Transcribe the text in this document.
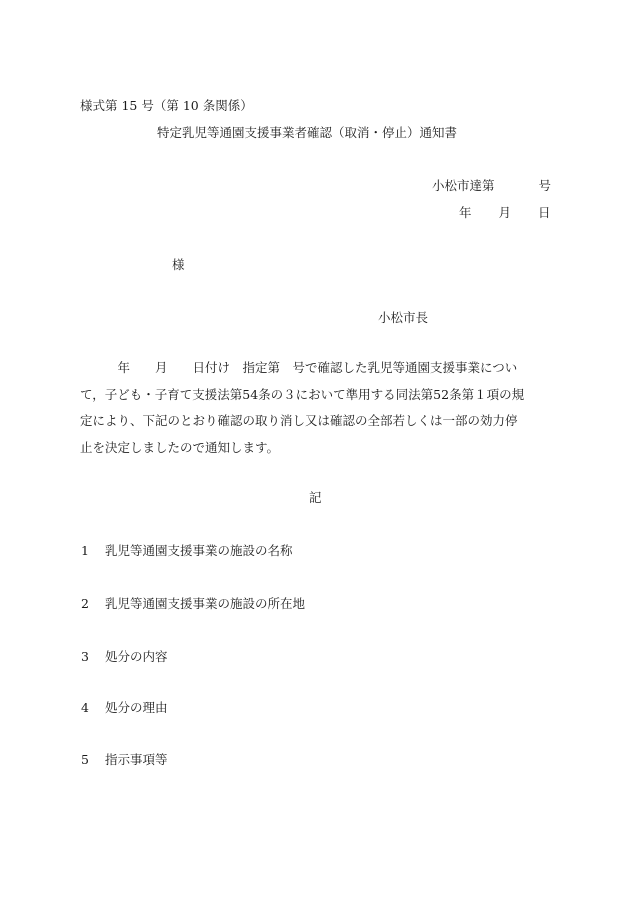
様式第 15 号（第 10 条関係）
特定乳児等通園支援事業者確認（取消・停止）通知書
小松市達第	号
年 月 日
様
小松市長
　　　年　　月　　日付け　指定第　号で確認した乳児等通園支援事業につい
て，子ども・子育て支援法第54条の３において準用する同法第52条第１項の規
定により、下記のとおり確認の取り消し又は確認の全部若しくは一部の効力停
止を決定しましたので通知します。
記
1 乳児等通園支援事業の施設の名称
2 乳児等通園支援事業の施設の所在地
3 処分の内容
4 処分の理由
5 指示事項等
